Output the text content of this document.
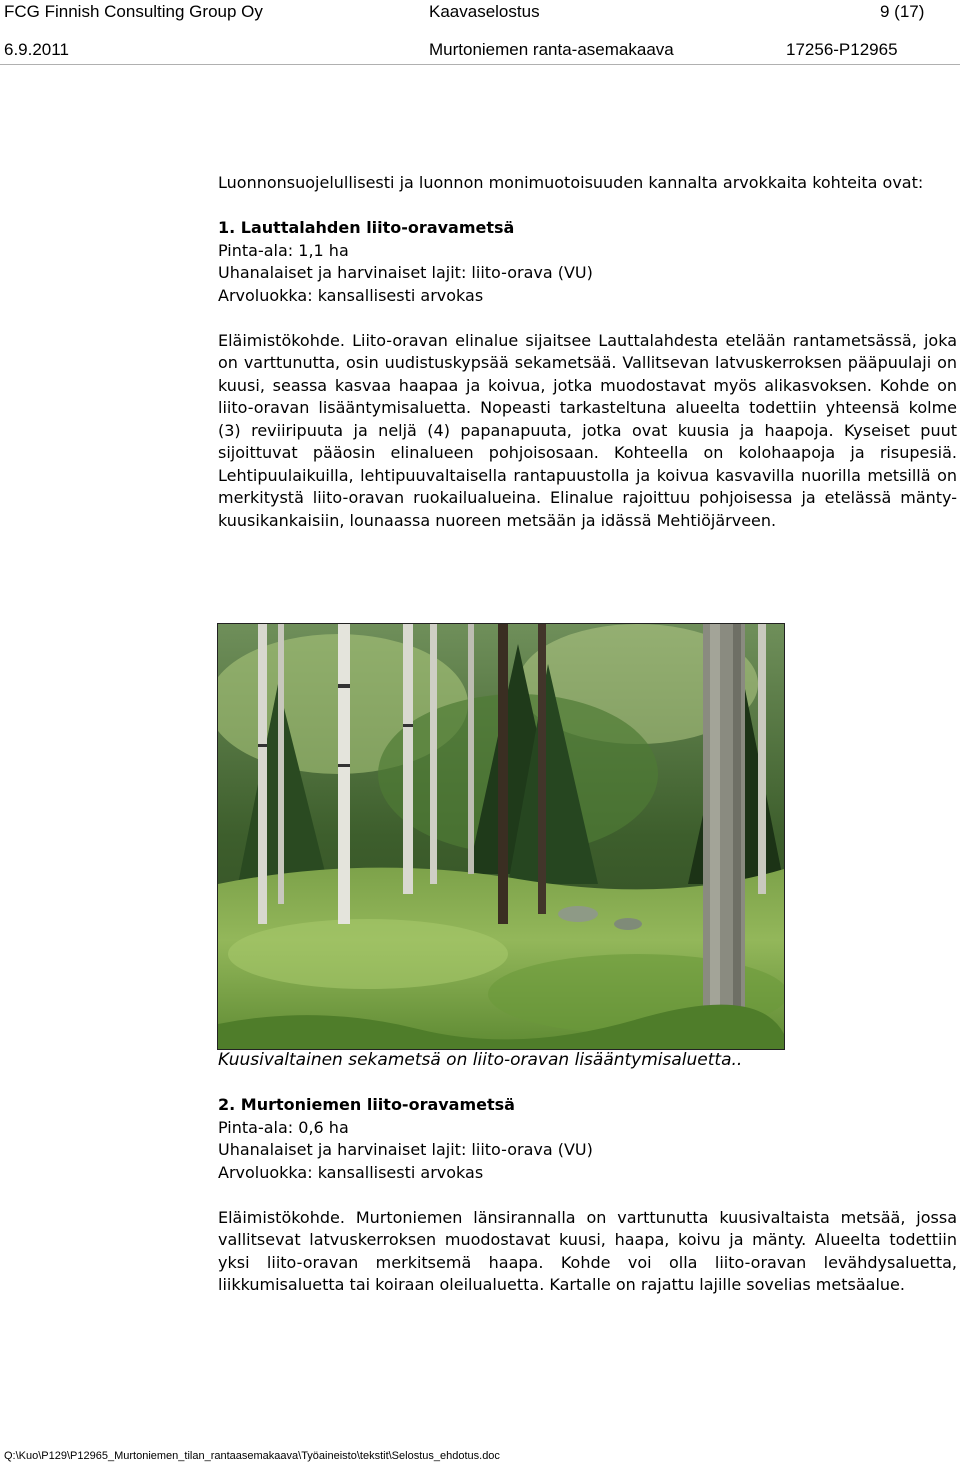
FCG Finnish Consulting Group Oy	Kaavaselostus	9 (17)
6.9.2011	Murtoniemen ranta-asemakaava	17256-P12965

Luonnonsuojelullisesti ja luonnon monimuotoisuuden kannalta arvokkaita kohteita ovat:

1. Lauttalahden liito-oravametsä

Pinta-ala: 1,1 ha

Uhanalaiset ja harvinaiset lajit: liito-orava (VU)

Arvoluokka: kansallisesti arvokas

Eläimistökohde. Liito-oravan elinalue sijaitsee Lauttalahdesta etelään rantametsässä, joka on varttunutta, osin uudistuskypsää sekametsää. Vallitsevan latvuskerroksen pääpuulaji on kuusi, seassa kasvaa haapaa ja koivua, jotka muodostavat myös alikasvoksen. Kohde on liito-oravan lisääntymisaluetta. Nopeasti tarkasteltuna alueelta todettiin yhteensä kolme (3) reviiripuuta ja neljä (4) papanapuuta, jotka ovat kuusia ja haapoja. Kyseiset puut sijoittuvat pääosin elinalueen pohjoisosaan. Kohteella on kolohaapoja ja risupesiä. Lehtipuulaikuilla, lehtipuuvaltaisella rantapuustolla ja koivua kasvavilla nuorilla metsillä on merkitystä liito-oravan ruokailualueina. Elinalue rajoittuu pohjoisessa ja etelässä mänty-kuusikankaisiin, lounaassa nuoreen metsään ja idässä Mehtiöjärveen.

Kuusivaltainen sekametsä on liito-oravan lisääntymisaluetta..

2. Murtoniemen liito-oravametsä

Pinta-ala: 0,6 ha

Uhanalaiset ja harvinaiset lajit: liito-orava (VU)

Arvoluokka: kansallisesti arvokas

Eläimistökohde. Murtoniemen länsirannalla on varttunutta kuusivaltaista metsää, jossa vallitsevat latvuskerroksen muodostavat kuusi, haapa, koivu ja mänty. Alueelta todettiin yksi liito-oravan merkitsemä haapa. Kohde voi olla liito-oravan levähdysaluetta, liikkumisaluetta tai koiraan oleilualuetta. Kartalle on rajattu lajille sovelias metsäalue.

Q:\Kuo\P129\P12965_Murtoniemen_tilan_rantaasemakaava\Työaineisto\tekstit\Selostus_ehdotus.doc
